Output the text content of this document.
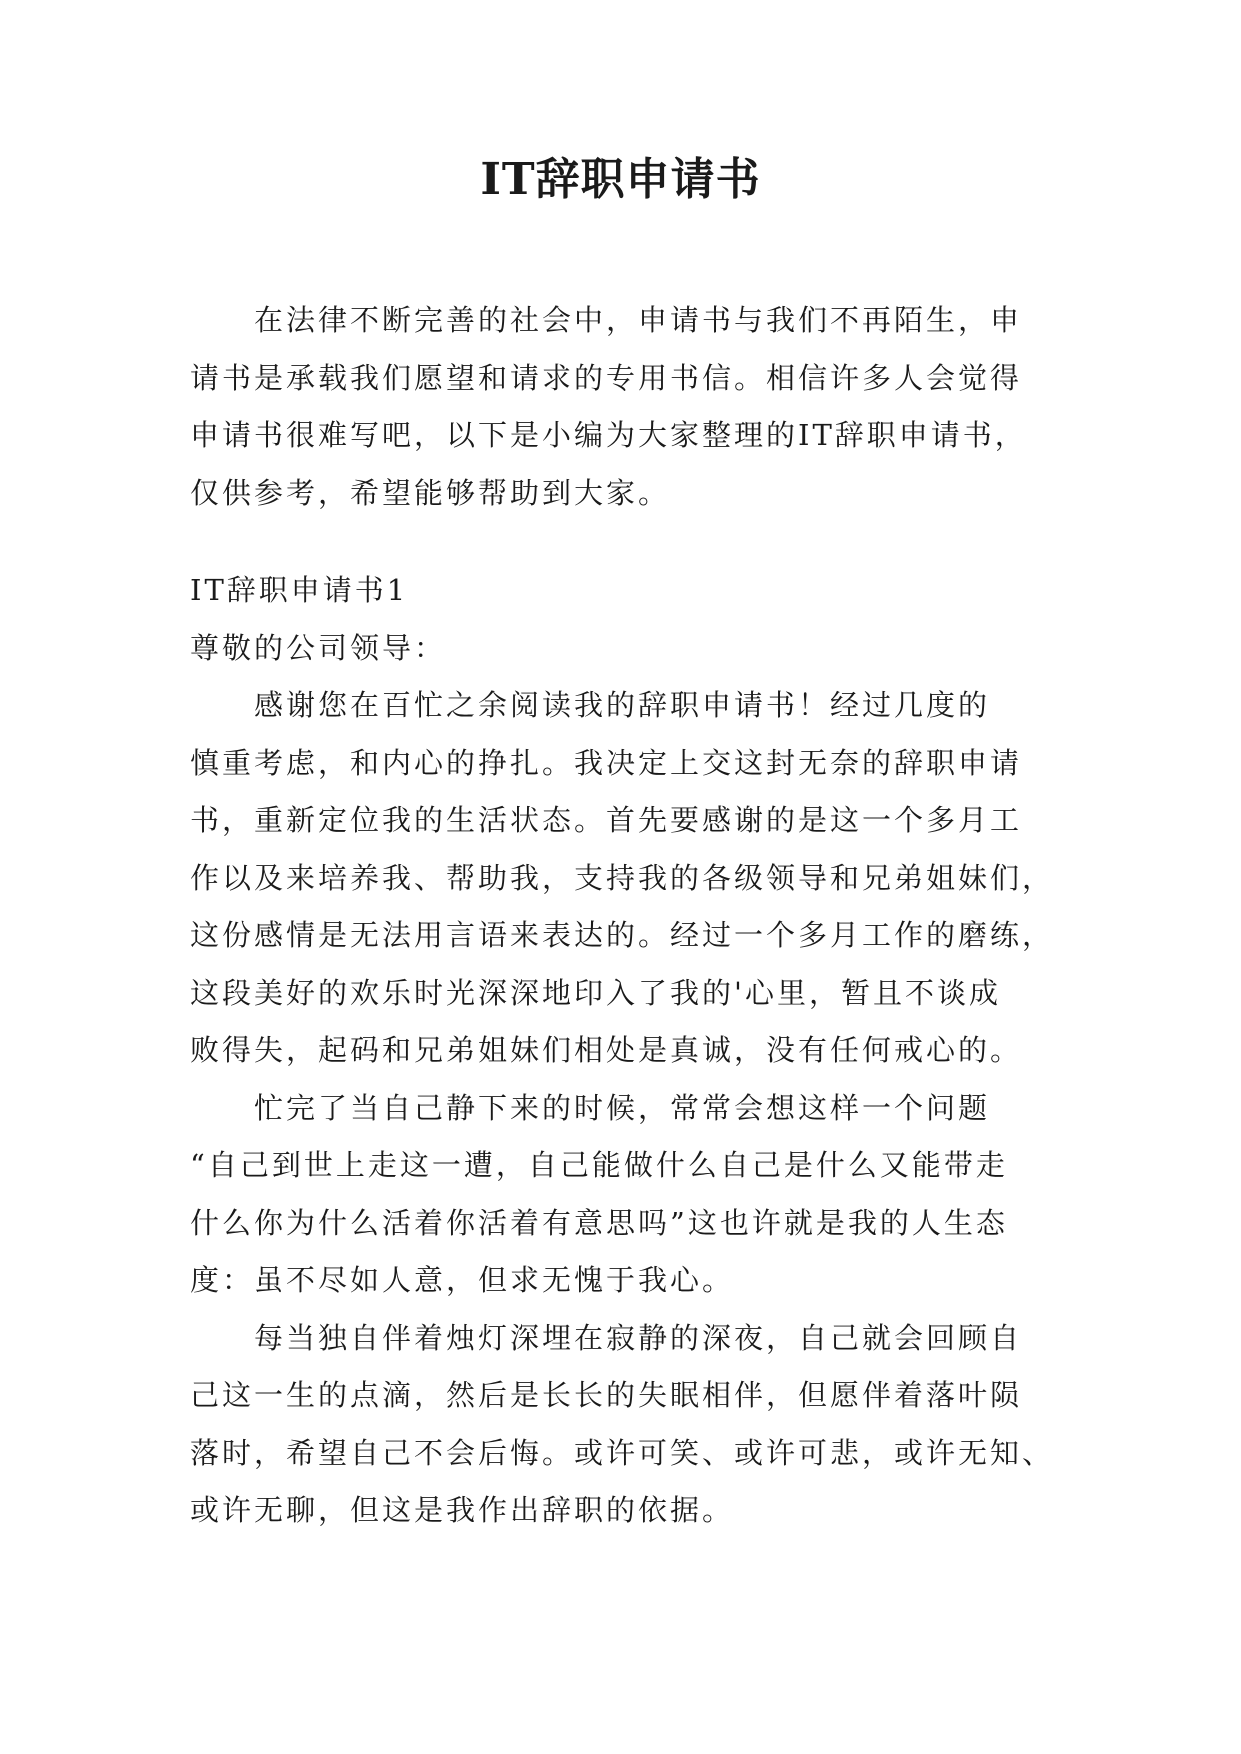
IT辞职申请书
在法律不断完善的社会中，申请书与我们不再陌生，申
请书是承载我们愿望和请求的专用书信。相信许多人会觉得
申请书很难写吧，以下是小编为大家整理的IT辞职申请书，
仅供参考，希望能够帮助到大家。
IT辞职申请书1
尊敬的公司领导：
感谢您在百忙之余阅读我的辞职申请书！经过几度的
慎重考虑，和内心的挣扎。我决定上交这封无奈的辞职申请
书，重新定位我的生活状态。首先要感谢的是这一个多月工
作以及来培养我、帮助我，支持我的各级领导和兄弟姐妹们，
这份感情是无法用言语来表达的。经过一个多月工作的磨练，
这段美好的欢乐时光深深地印入了我的'心里，暂且不谈成
败得失，起码和兄弟姐妹们相处是真诚，没有任何戒心的。
忙完了当自己静下来的时候，常常会想这样一个问题
“自己到世上走这一遭，自己能做什么自己是什么又能带走
什么你为什么活着你活着有意思吗”这也许就是我的人生态
度：虽不尽如人意，但求无愧于我心。
每当独自伴着烛灯深埋在寂静的深夜，自己就会回顾自
己这一生的点滴，然后是长长的失眠相伴，但愿伴着落叶陨
落时，希望自己不会后悔。或许可笑、或许可悲，或许无知、
或许无聊，但这是我作出辞职的依据。
